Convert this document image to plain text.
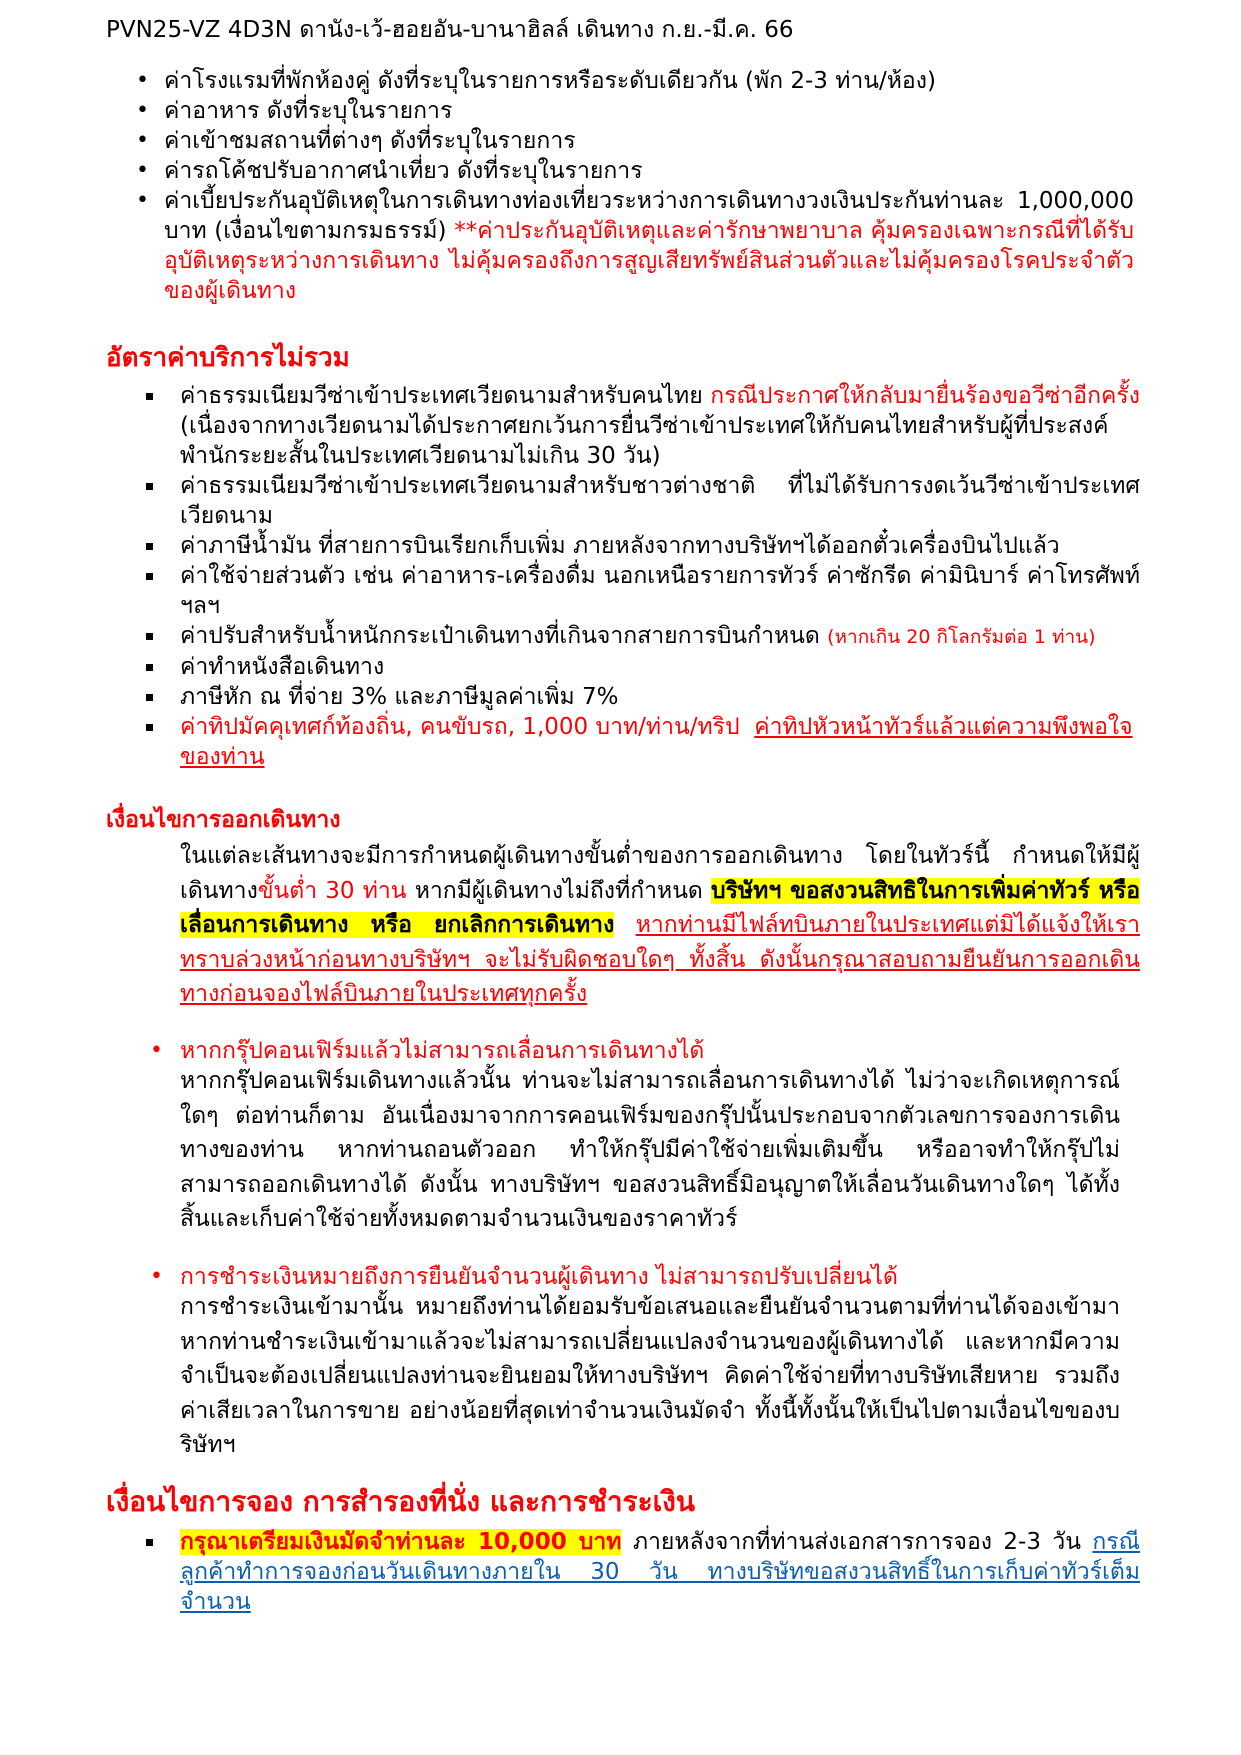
PVN25-VZ 4D3N ดานัง-เว้-ฮอยอัน-บานาฮิลล์ เดินทาง ก.ย.-มี.ค. 66
• ค่าโรงแรมที่พักห้องคู่ ดังที่ระบุในรายการหรือระดับเดียวกัน (พัก 2-3 ท่าน/ห้อง)
• ค่าอาหาร ดังที่ระบุในรายการ
• ค่าเข้าชมสถานที่ต่างๆ ดังที่ระบุในรายการ
• ค่ารถโค้ชปรับอากาศนำเที่ยว ดังที่ระบุในรายการ
• ค่าเบี้ยประกันอุบัติเหตุในการเดินทางท่องเที่ยวระหว่างการเดินทางวงเงินประกันท่านละ 1,000,000 บาท (เงื่อนไขตามกรมธรรม์) **ค่าประกันอุบัติเหตุและค่ารักษาพยาบาล คุ้มครองเฉพาะกรณีที่ได้รับอุบัติเหตุระหว่างการเดินทาง ไม่คุ้มครองถึงการสูญเสียทรัพย์สินส่วนตัวและไม่คุ้มครองโรคประจำตัวของผู้เดินทาง
อัตราค่าบริการไม่รวม
ค่าธรรมเนียมวีซ่าเข้าประเทศเวียดนามสำหรับคนไทย กรณีประกาศให้กลับมายื่นร้องขอวีซ่าอีกครั้ง (เนื่องจากทางเวียดนามได้ประกาศยกเว้นการยื่นวีซ่าเข้าประเทศให้กับคนไทยสำหรับผู้ที่ประสงค์พำนักระยะสั้นในประเทศเวียดนามไม่เกิน 30 วัน)
ค่าธรรมเนียมวีซ่าเข้าประเทศเวียดนามสำหรับชาวต่างชาติ ที่ไม่ได้รับการงดเว้นวีซ่าเข้าประเทศเวียดนาม
ค่าภาษีน้ำมัน ที่สายการบินเรียกเก็บเพิ่ม ภายหลังจากทางบริษัทฯได้ออกตั๋วเครื่องบินไปแล้ว
ค่าใช้จ่ายส่วนตัว เช่น ค่าอาหาร-เครื่องดื่ม นอกเหนือรายการทัวร์ ค่าซักรีด ค่ามินิบาร์ ค่าโทรศัพท์ ฯลฯ
ค่าปรับสำหรับน้ำหนักกระเป๋าเดินทางที่เกินจากสายการบินกำหนด (หากเกิน 20 กิโลกรัมต่อ 1 ท่าน)
ค่าทำหนังสือเดินทาง
ภาษีหัก ณ ที่จ่าย 3% และภาษีมูลค่าเพิ่ม 7%
ค่าทิปมัคคุเทศก์ท้องถิ่น, คนขับรถ, 1,000 บาท/ท่าน/ทริป ค่าทิปหัวหน้าทัวร์แล้วแต่ความพึงพอใจของท่าน
เงื่อนไขการออกเดินทาง
ในแต่ละเส้นทางจะมีการกำหนดผู้เดินทางขั้นต่ำของการออกเดินทาง โดยในทัวร์นี้ กำหนดให้มีผู้เดินทางขั้นต่ำ 30 ท่าน หากมีผู้เดินทางไม่ถึงที่กำหนด บริษัทฯ ขอสงวนสิทธิในการเพิ่มค่าทัวร์ หรือ เลื่อนการเดินทาง หรือ ยกเลิกการเดินทาง หากท่านมีไฟล์ทบินภายในประเทศแต่มิได้แจ้งให้เราทราบล่วงหน้าก่อนทางบริษัทฯ จะไม่รับผิดชอบใดๆ ทั้งสิ้น ดังนั้นกรุณาสอบถามยืนยันการออกเดินทางก่อนจองไฟล์บินภายในประเทศทุกครั้ง
• หากกรุ๊ปคอนเฟิร์มแล้วไม่สามารถเลื่อนการเดินทางได้
หากกรุ๊ปคอนเฟิร์มเดินทางแล้วนั้น ท่านจะไม่สามารถเลื่อนการเดินทางได้ ไม่ว่าจะเกิดเหตุการณ์ใดๆ ต่อท่านก็ตาม อันเนื่องมาจากการคอนเฟิร์มของกรุ๊ปนั้นประกอบจากตัวเลขการจองการเดินทางของท่าน หากท่านถอนตัวออก ทำให้กรุ๊ปมีค่าใช้จ่ายเพิ่มเติมขึ้น หรืออาจทำให้กรุ๊ปไม่สามารถออกเดินทางได้ ดังนั้น ทางบริษัทฯ ขอสงวนสิทธิ์มิอนุญาตให้เลื่อนวันเดินทางใดๆ ได้ทั้งสิ้นและเก็บค่าใช้จ่ายทั้งหมดตามจำนวนเงินของราคาทัวร์
• การชำระเงินหมายถึงการยืนยันจำนวนผู้เดินทาง ไม่สามารถปรับเปลี่ยนได้
การชำระเงินเข้ามานั้น หมายถึงท่านได้ยอมรับข้อเสนอและยืนยันจำนวนตามที่ท่านได้จองเข้ามา หากท่านชำระเงินเข้ามาแล้วจะไม่สามารถเปลี่ยนแปลงจำนวนของผู้เดินทางได้ และหากมีความจำเป็นจะต้องเปลี่ยนแปลงท่านจะยินยอมให้ทางบริษัทฯ คิดค่าใช้จ่ายที่ทางบริษัทเสียหาย รวมถึงค่าเสียเวลาในการขาย อย่างน้อยที่สุดเท่าจำนวนเงินมัดจำ ทั้งนี้ทั้งนั้นให้เป็นไปตามเงื่อนไขของบริษัทฯ
เงื่อนไขการจอง การสำรองที่นั่ง และการชำระเงิน
กรุณาเตรียมเงินมัดจำท่านละ 10,000 บาท ภายหลังจากที่ท่านส่งเอกสารการจอง 2-3 วัน กรณีลูกค้าทำการจองก่อนวันเดินทางภายใน 30 วัน ทางบริษัทขอสงวนสิทธิ์ในการเก็บค่าทัวร์เต็มจำนวน
